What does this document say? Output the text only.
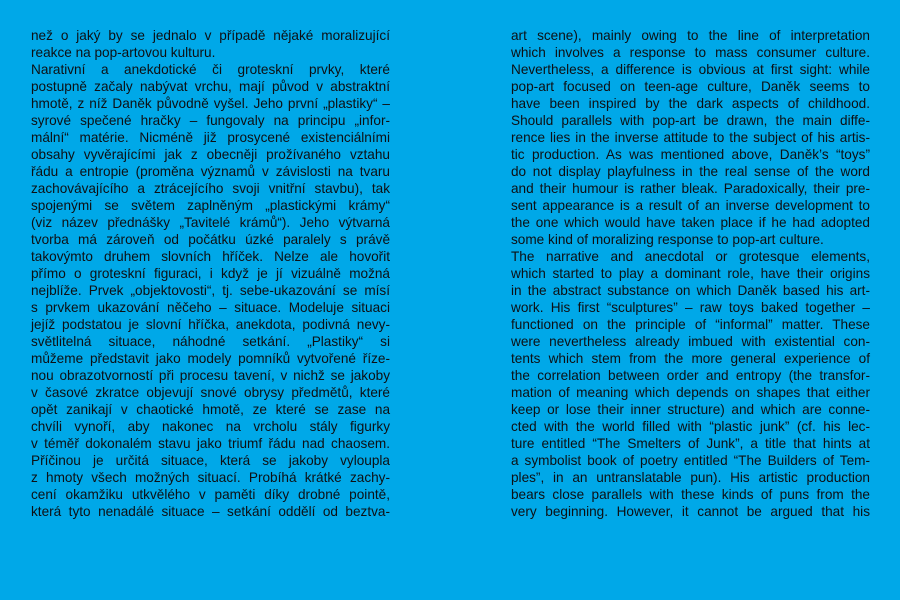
než o jaký by se jednalo v případě nějaké moralizující
reakce na pop-artovou kulturu.
Narativní a anekdotické či groteskní prvky, které
postupně začaly nabývat vrchu, mají původ v abstraktní
hmotě, z níž Daněk původně vyšel. Jeho první „plastiky“ –
syrové spečené hračky – fungovaly na principu „infor-
mální“ matérie. Nicméně již prosycené existenciálními
obsahy vyvěrajícími jak z obecněji prožívaného vztahu
řádu a entropie (proměna významů v závislosti na tvaru
zachovávajícího a ztrácejícího svoji vnitřní stavbu), tak
spojenými se světem zaplněným „plastickými krámy“
(viz název přednášky „Tavitelé krámů“). Jeho výtvarná
tvorba má zároveň od počátku úzké paralely s právě
takovýmto druhem slovních hříček. Nelze ale hovořit
přímo o groteskní figuraci, i když je jí vizuálně možná
nejblíže. Prvek „objektovosti“, tj. sebe-ukazování se mísí
s prvkem ukazování něčeho – situace. Modeluje situaci
jejíž podstatou je slovní hříčka, anekdota, podivná nevy-
světlitelná situace, náhodné setkání. „Plastiky“ si
můžeme představit jako modely pomníků vytvořené říze-
nou obrazotvorností při procesu tavení, v nichž se jakoby
v časové zkratce objevují snové obrysy předmětů, které
opět zanikají v chaotické hmotě, ze které se zase na
chvíli vynoří, aby nakonec na vrcholu stály figurky
v téměř dokonalém stavu jako triumf řádu nad chaosem.
Příčinou je určitá situace, která se jakoby vyloupla
z hmoty všech možných situací. Probíhá krátké zachy-
cení okamžiku utkvělého v paměti díky drobné pointě,
která tyto nenadálé situace – setkání oddělí od beztva-
art scene), mainly owing to the line of interpretation
which involves a response to mass consumer culture.
Nevertheless, a difference is obvious at first sight: while
pop-art focused on teen-age culture, Daněk seems to
have been inspired by the dark aspects of childhood.
Should parallels with pop-art be drawn, the main diffe-
rence lies in the inverse attitude to the subject of his artis-
tic production. As was mentioned above, Daněk’s “toys”
do not display playfulness in the real sense of the word
and their humour is rather bleak. Paradoxically, their pre-
sent appearance is a result of an inverse development to
the one which would have taken place if he had adopted
some kind of moralizing response to pop-art culture.
The narrative and anecdotal or grotesque elements,
which started to play a dominant role, have their origins
in the abstract substance on which Daněk based his art-
work. His first “sculptures” – raw toys baked together –
functioned on the principle of “informal” matter. These
were nevertheless already imbued with existential con-
tents which stem from the more general experience of
the correlation between order and entropy (the transfor-
mation of meaning which depends on shapes that either
keep or lose their inner structure) and which are conne-
cted with the world filled with “plastic junk” (cf. his lec-
ture entitled “The Smelters of Junk”, a title that hints at
a symbolist book of poetry entitled “The Builders of Tem-
ples”, in an untranslatable pun). His artistic production
bears close parallels with these kinds of puns from the
very beginning. However, it cannot be argued that his
